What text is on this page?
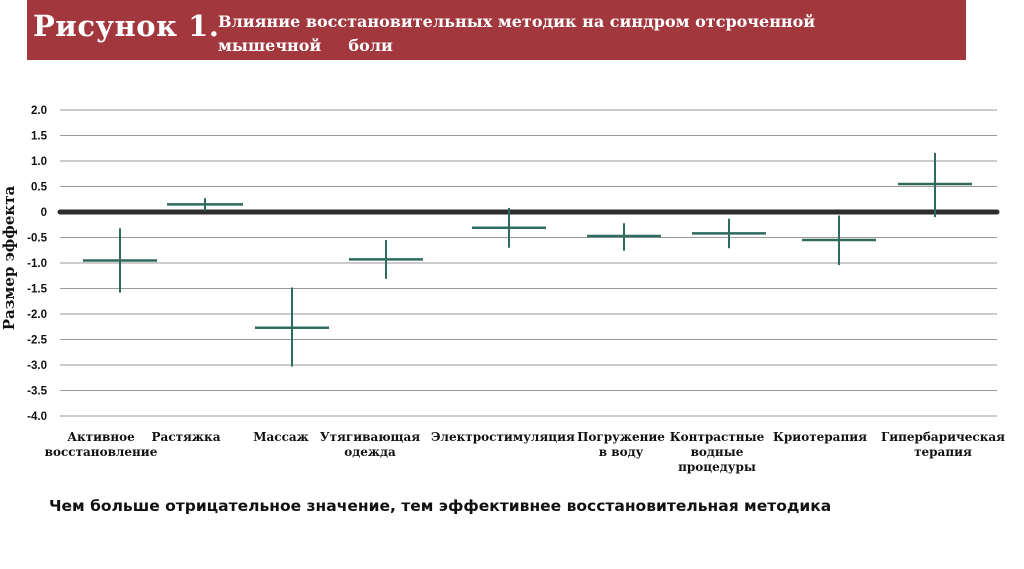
Рисунок 1.
Влияние восстановительных методик на синдром отсроченной мышечной   боли
Размер эффекта
2.0
1.5
1.0
0.5
0
-0.5
-1.0
-1.5
-2.0
-2.5
-3.0
-3.5
-4.0
Активное
восстановление
Растяжка	Массаж Утягивающая
одежда
Электростимуляция Погружение
в воду
Контрастные
водные
процедуры
Криотерапия	Гипербарическая
терапия
Чем больше отрицательное значение, тем эффективнее восстановительная методика
